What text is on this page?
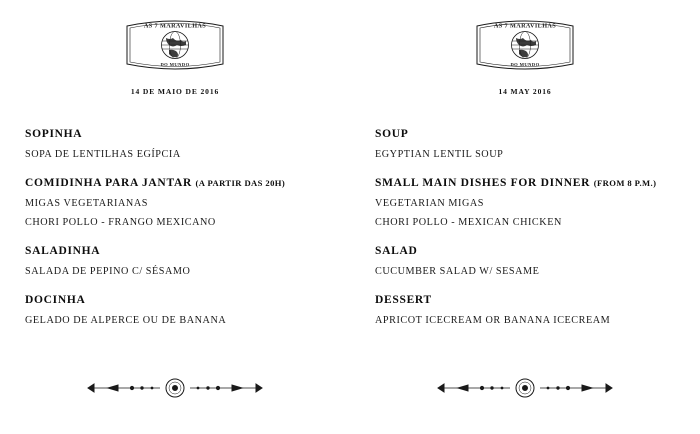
AS 7 MARAVILHAS
DO MUNDO
14 DE MAIO DE 2016
SOPINHA
SOPA DE LENTILHAS EGÍPCIA
COMIDINHA PARA JANTAR (A PARTIR DAS 20H)
MIGAS VEGETARIANAS
CHORI POLLO - FRANGO MEXICANO
SALADINHA
SALADA DE PEPINO C/ SÉSAMO
DOCINHA
GELADO DE ALPERCE OU DE BANANA
AS 7 MARAVILHAS
DO MUNDO
14 MAY 2016
SOUP
EGYPTIAN LENTIL SOUP
SMALL MAIN DISHES FOR DINNER (FROM 8 P.M.)
VEGETARIAN MIGAS
CHORI POLLO - MEXICAN CHICKEN
SALAD
CUCUMBER SALAD W/ SESAME
DESSERT
APRICOT ICECREAM OR BANANA ICECREAM
